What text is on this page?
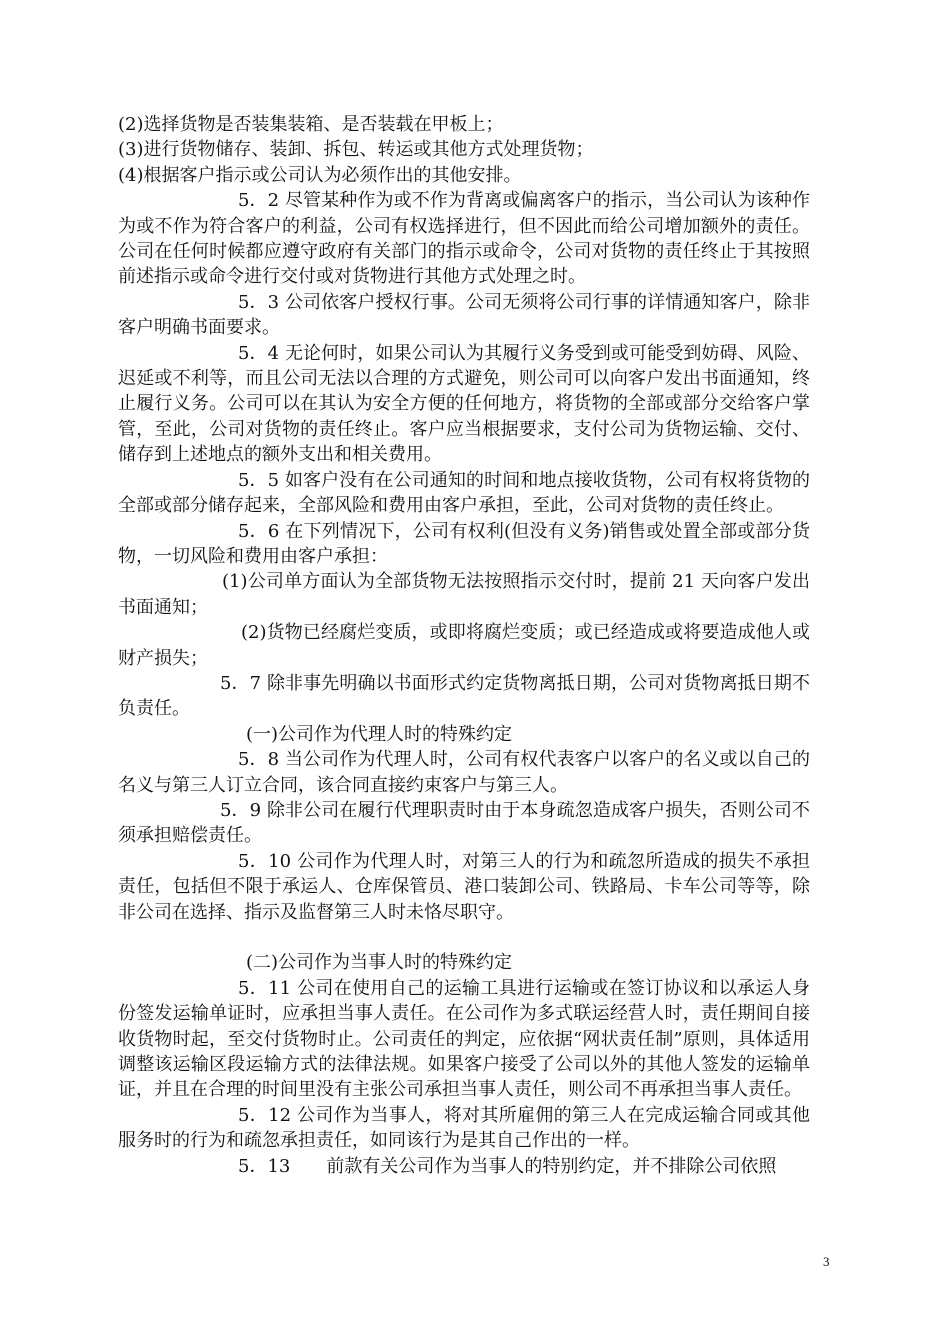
(2)选择货物是否装集装箱、是否装载在甲板上；

(3)进行货物储存、装卸、拆包、转运或其他方式处理货物；

(4)根据客户指示或公司认为必须作出的其他安排。

5．2 尽管某种作为或不作为背离或偏离客户的指示，当公司认为该种作为或不作为符合客户的利益，公司有权选择进行，但不因此而给公司增加额外的责任。公司在任何时候都应遵守政府有关部门的指示或命令，公司对货物的责任终止于其按照前述指示或命令进行交付或对货物进行其他方式处理之时。

5．3 公司依客户授权行事。公司无须将公司行事的详情通知客户，除非客户明确书面要求。

5．4 无论何时，如果公司认为其履行义务受到或可能受到妨碍、风险、迟延或不利等，而且公司无法以合理的方式避免，则公司可以向客户发出书面通知，终止履行义务。公司可以在其认为安全方便的任何地方，将货物的全部或部分交给客户掌管，至此，公司对货物的责任终止。客户应当根据要求，支付公司为货物运输、交付、储存到上述地点的额外支出和相关费用。

5．5 如客户没有在公司通知的时间和地点接收货物，公司有权将货物的全部或部分储存起来，全部风险和费用由客户承担，至此，公司对货物的责任终止。

5．6 在下列情况下，公司有权利(但没有义务)销售或处置全部或部分货物，一切风险和费用由客户承担：

(1)公司单方面认为全部货物无法按照指示交付时，提前 21 天向客户发出书面通知；

(2)货物已经腐烂变质，或即将腐烂变质；或已经造成或将要造成他人或财产损失；

5．7 除非事先明确以书面形式约定货物离抵日期，公司对货物离抵日期不负责任。

(一)公司作为代理人时的特殊约定

5．8 当公司作为代理人时，公司有权代表客户以客户的名义或以自己的名义与第三人订立合同，该合同直接约束客户与第三人。

5．9 除非公司在履行代理职责时由于本身疏忽造成客户损失，否则公司不须承担赔偿责任。

5．10 公司作为代理人时，对第三人的行为和疏忽所造成的损失不承担责任，包括但不限于承运人、仓库保管员、港口装卸公司、铁路局、卡车公司等等，除非公司在选择、指示及监督第三人时未恪尽职守。

(二)公司作为当事人时的特殊约定

5．11 公司在使用自己的运输工具进行运输或在签订协议和以承运人身份签发运输单证时，应承担当事人责任。在公司作为多式联运经营人时，责任期间自接收货物时起，至交付货物时止。公司责任的判定，应依据“网状责任制”原则，具体适用调整该运输区段运输方式的法律法规。如果客户接受了公司以外的其他人签发的运输单证，并且在合理的时间里没有主张公司承担当事人责任，则公司不再承担当事人责任。

5．12 公司作为当事人，将对其所雇佣的第三人在完成运输合同或其他服务时的行为和疏忽承担责任，如同该行为是其自己作出的一样。

5．13　　前款有关公司作为当事人的特别约定，并不排除公司依照

3
